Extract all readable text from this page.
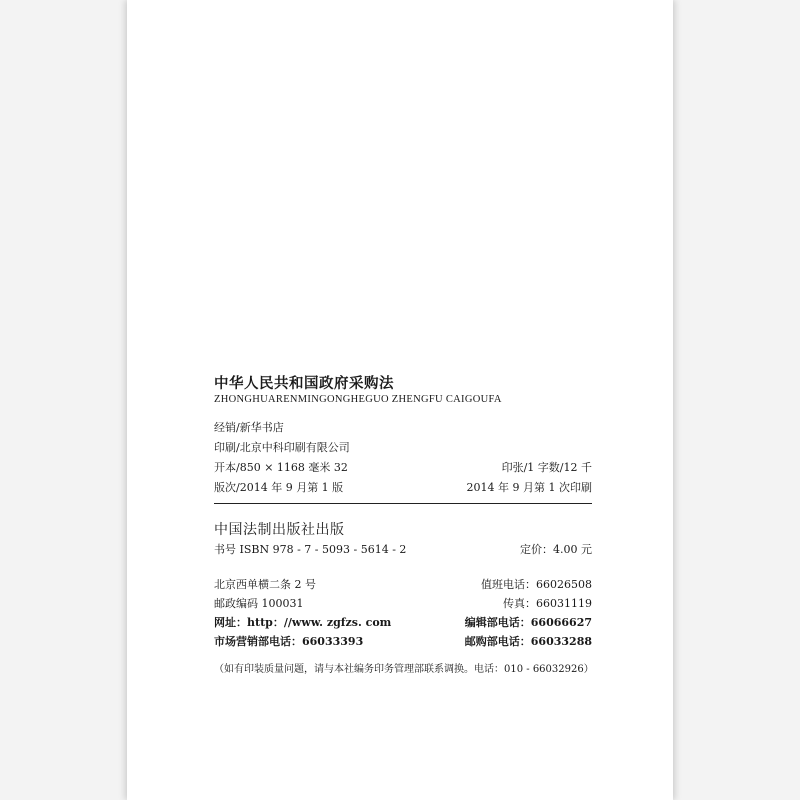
中华人民共和国政府采购法
ZHONGHUARENMINGONGHEGUO ZHENGFU CAIGOUFA
经销/新华书店
印刷/北京中科印刷有限公司
开本/850 × 1168 毫米 32	印张/1 字数/12 千
版次/2014 年 9 月第 1 版	2014 年 9 月第 1 次印刷
中国法制出版社出版
书号 ISBN 978 - 7 - 5093 - 5614 - 2	定价：4.00 元
北京西单横二条 2 号	值班电话：66026508
邮政编码 100031	传真：66031119
网址：http：//www. zgfzs. com	编辑部电话：66066627
市场营销部电话：66033393	邮购部电话：66033288
（如有印装质量问题，请与本社编务印务管理部联系调换。电话：010 - 66032926）
